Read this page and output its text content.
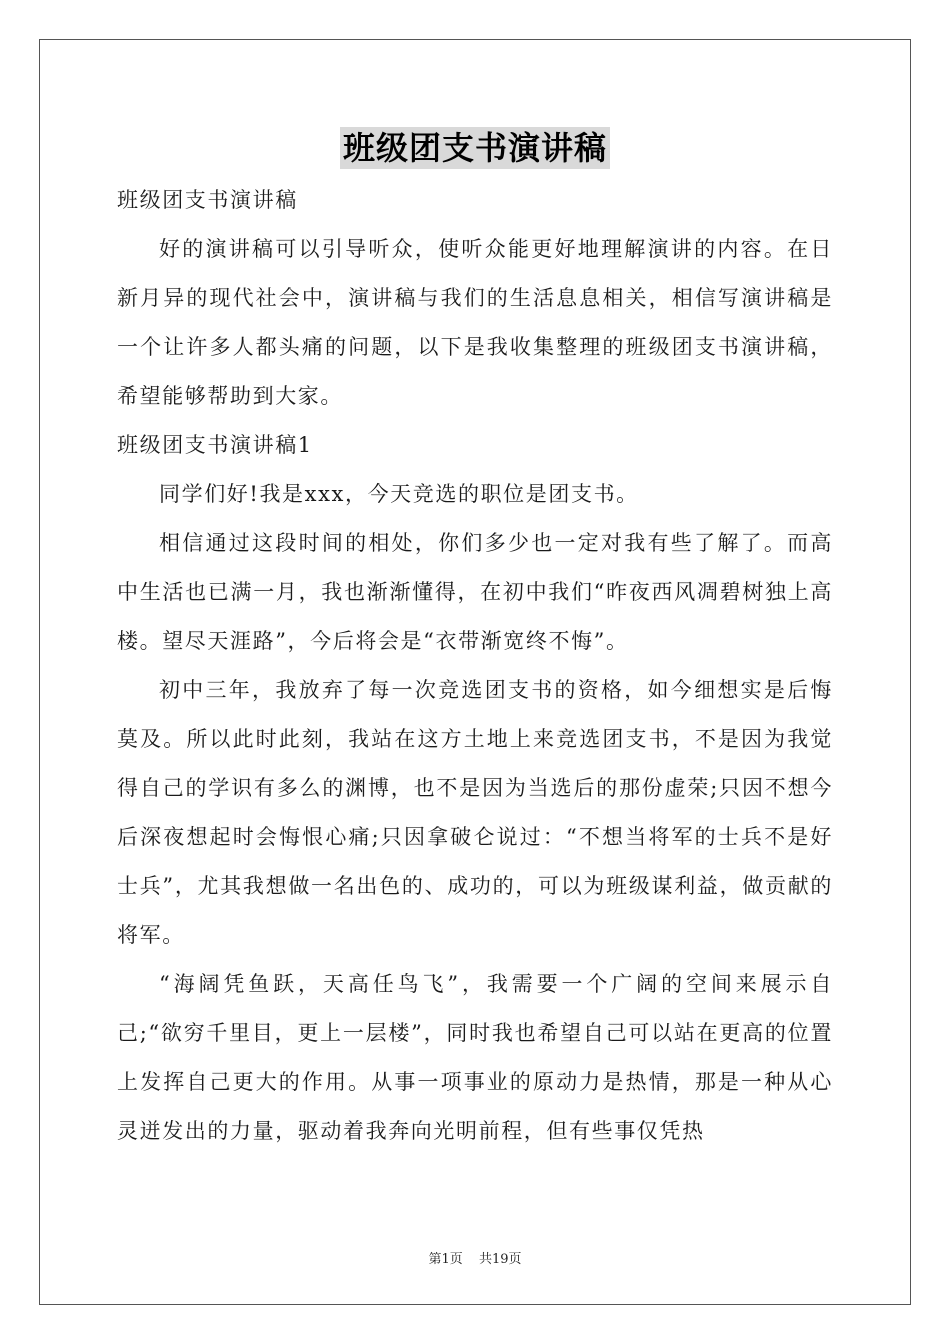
班级团支书演讲稿

班级团支书演讲稿

好的演讲稿可以引导听众，使听众能更好地理解演讲的内容。在日新月异的现代社会中，演讲稿与我们的生活息息相关，相信写演讲稿是一个让许多人都头痛的问题，以下是我收集整理的班级团支书演讲稿，希望能够帮助到大家。

班级团支书演讲稿1

同学们好!我是xxx，今天竞选的职位是团支书。

相信通过这段时间的相处，你们多少也一定对我有些了解了。而高中生活也已满一月，我也渐渐懂得，在初中我们“昨夜西风凋碧树独上高楼。望尽天涯路”，今后将会是“衣带渐宽终不悔”。

初中三年，我放弃了每一次竞选团支书的资格，如今细想实是后悔莫及。所以此时此刻，我站在这方土地上来竞选团支书，不是因为我觉得自己的学识有多么的渊博，也不是因为当选后的那份虚荣;只因不想今后深夜想起时会悔恨心痛;只因拿破仑说过：“不想当将军的士兵不是好士兵”，尤其我想做一名出色的、成功的，可以为班级谋利益，做贡献的将军。

“海阔凭鱼跃，天高任鸟飞”，我需要一个广阔的空间来展示自己;“欲穷千里目，更上一层楼”，同时我也希望自己可以站在更高的位置上发挥自己更大的作用。从事一项事业的原动力是热情，那是一种从心灵迸发出的力量，驱动着我奔向光明前程，但有些事仅凭热

第1页 共19页
